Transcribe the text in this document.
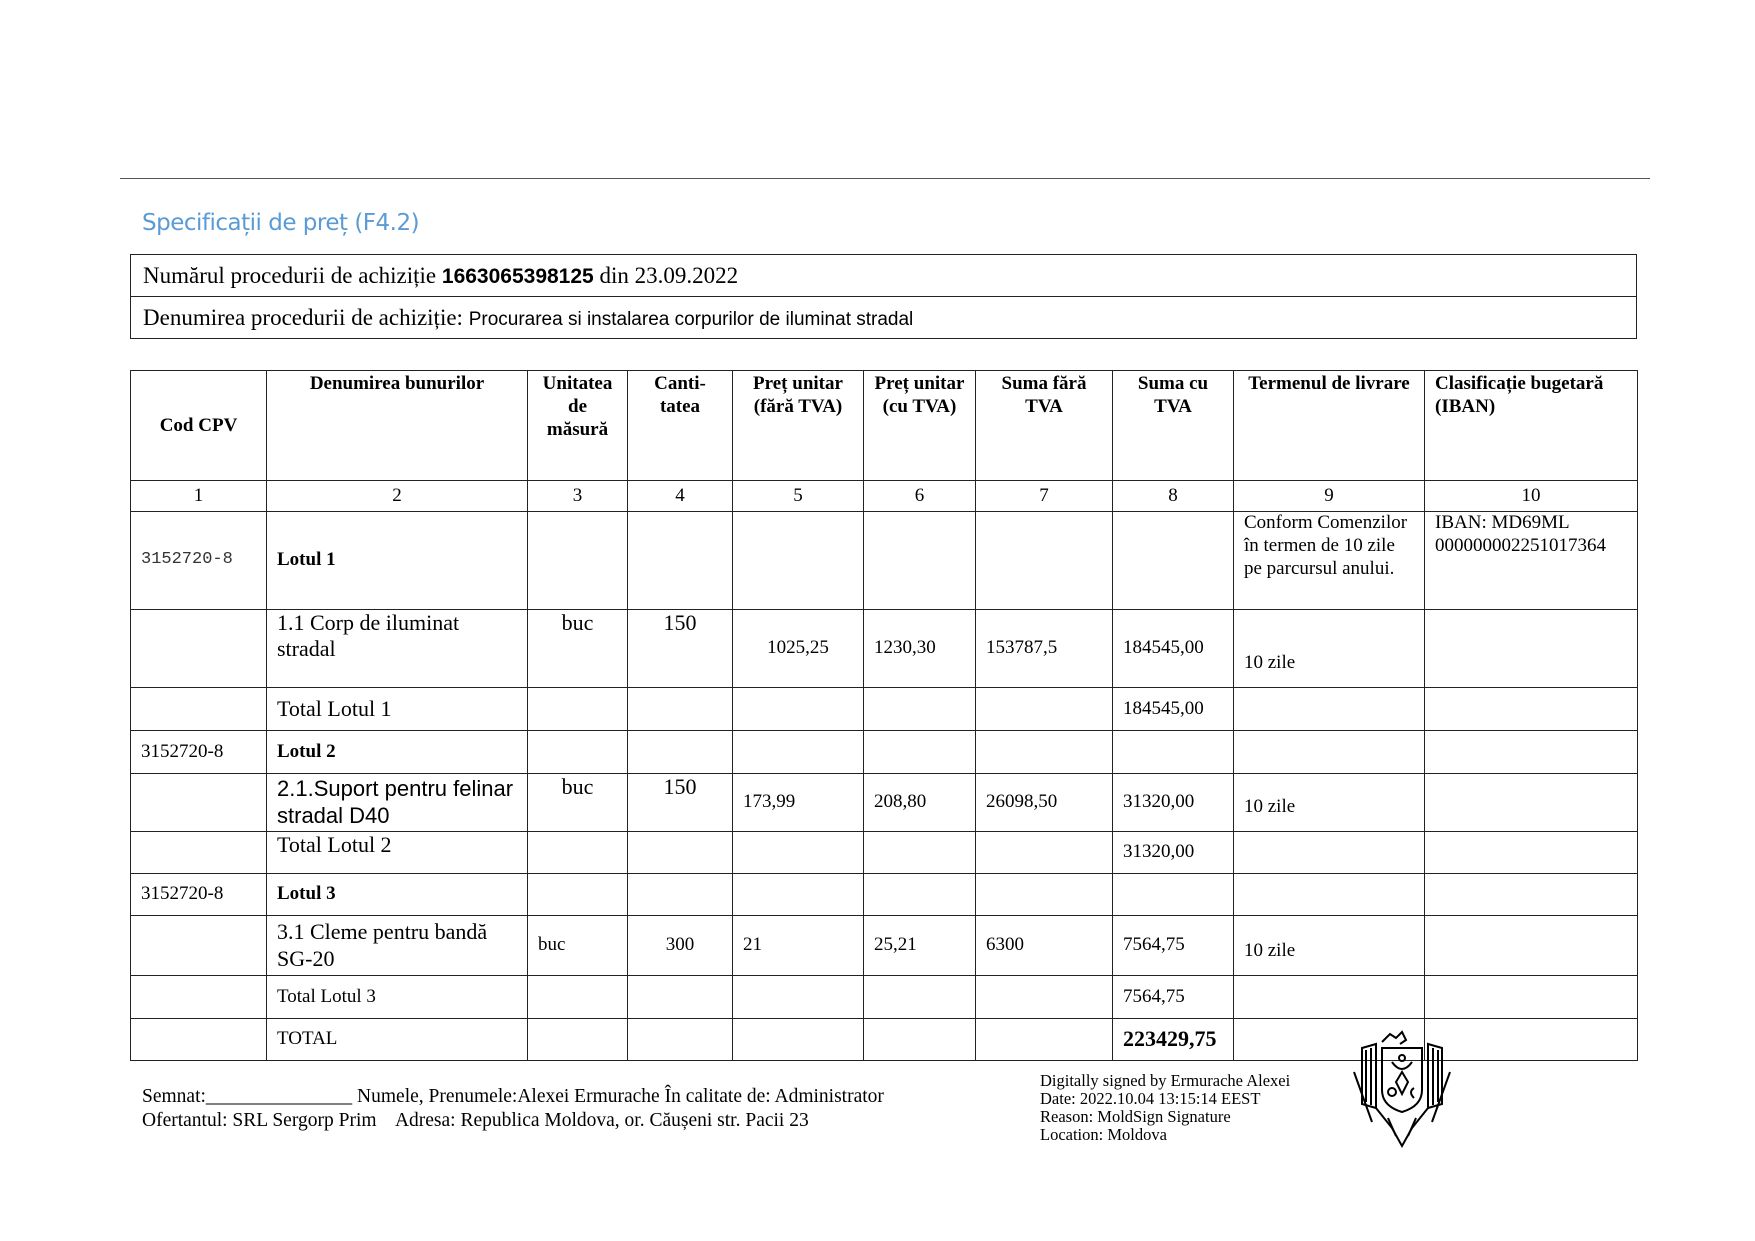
Specificații de preț (F4.2)
Numărul procedurii de achiziție 1663065398125 din 23.09.2022
Denumirea procedurii de achiziție: Procurarea si instalarea corpurilor de iluminat stradal
Cod CPV	Denumirea bunurilor	Unitatea de măsură	Canti-tatea	Preț unitar (fără TVA)	Preț unitar (cu TVA)	Suma fără TVA	Suma cu TVA	Termenul de livrare	Clasificație bugetară (IBAN)
1	2	3	4	5	6	7	8	9	10
3152720-8	Lotul 1							Conform Comenzilor în termen de 10 zile pe parcursul anului.	IBAN: MD69ML 000000002251017364
	1.1 Corp de iluminat stradal	buc	150	1025,25	1230,30	153787,5	184545,00	10 zile	
	Total Lotul 1						184545,00		
3152720-8	Lotul 2								
	2.1.Suport pentru felinar stradal D40	buc	150	173,99	208,80	26098,50	31320,00	10 zile	
	Total Lotul 2						31320,00		
3152720-8	Lotul 3								
	3.1 Cleme pentru bandă SG-20	buc	300	21	25,21	6300	7564,75	10 zile	
	Total Lotul 3						7564,75		
	TOTAL						223429,75		
Semnat:_______________ Numele, Prenumele:Alexei Ermurache În calitate de: Administrator
Ofertantul: SRL Sergorp Prim    Adresa: Republica Moldova, or. Căușeni str. Pacii 23
Digitally signed by Ermurache Alexei
Date: 2022.10.04 13:15:14 EEST
Reason: MoldSign Signature
Location: Moldova
